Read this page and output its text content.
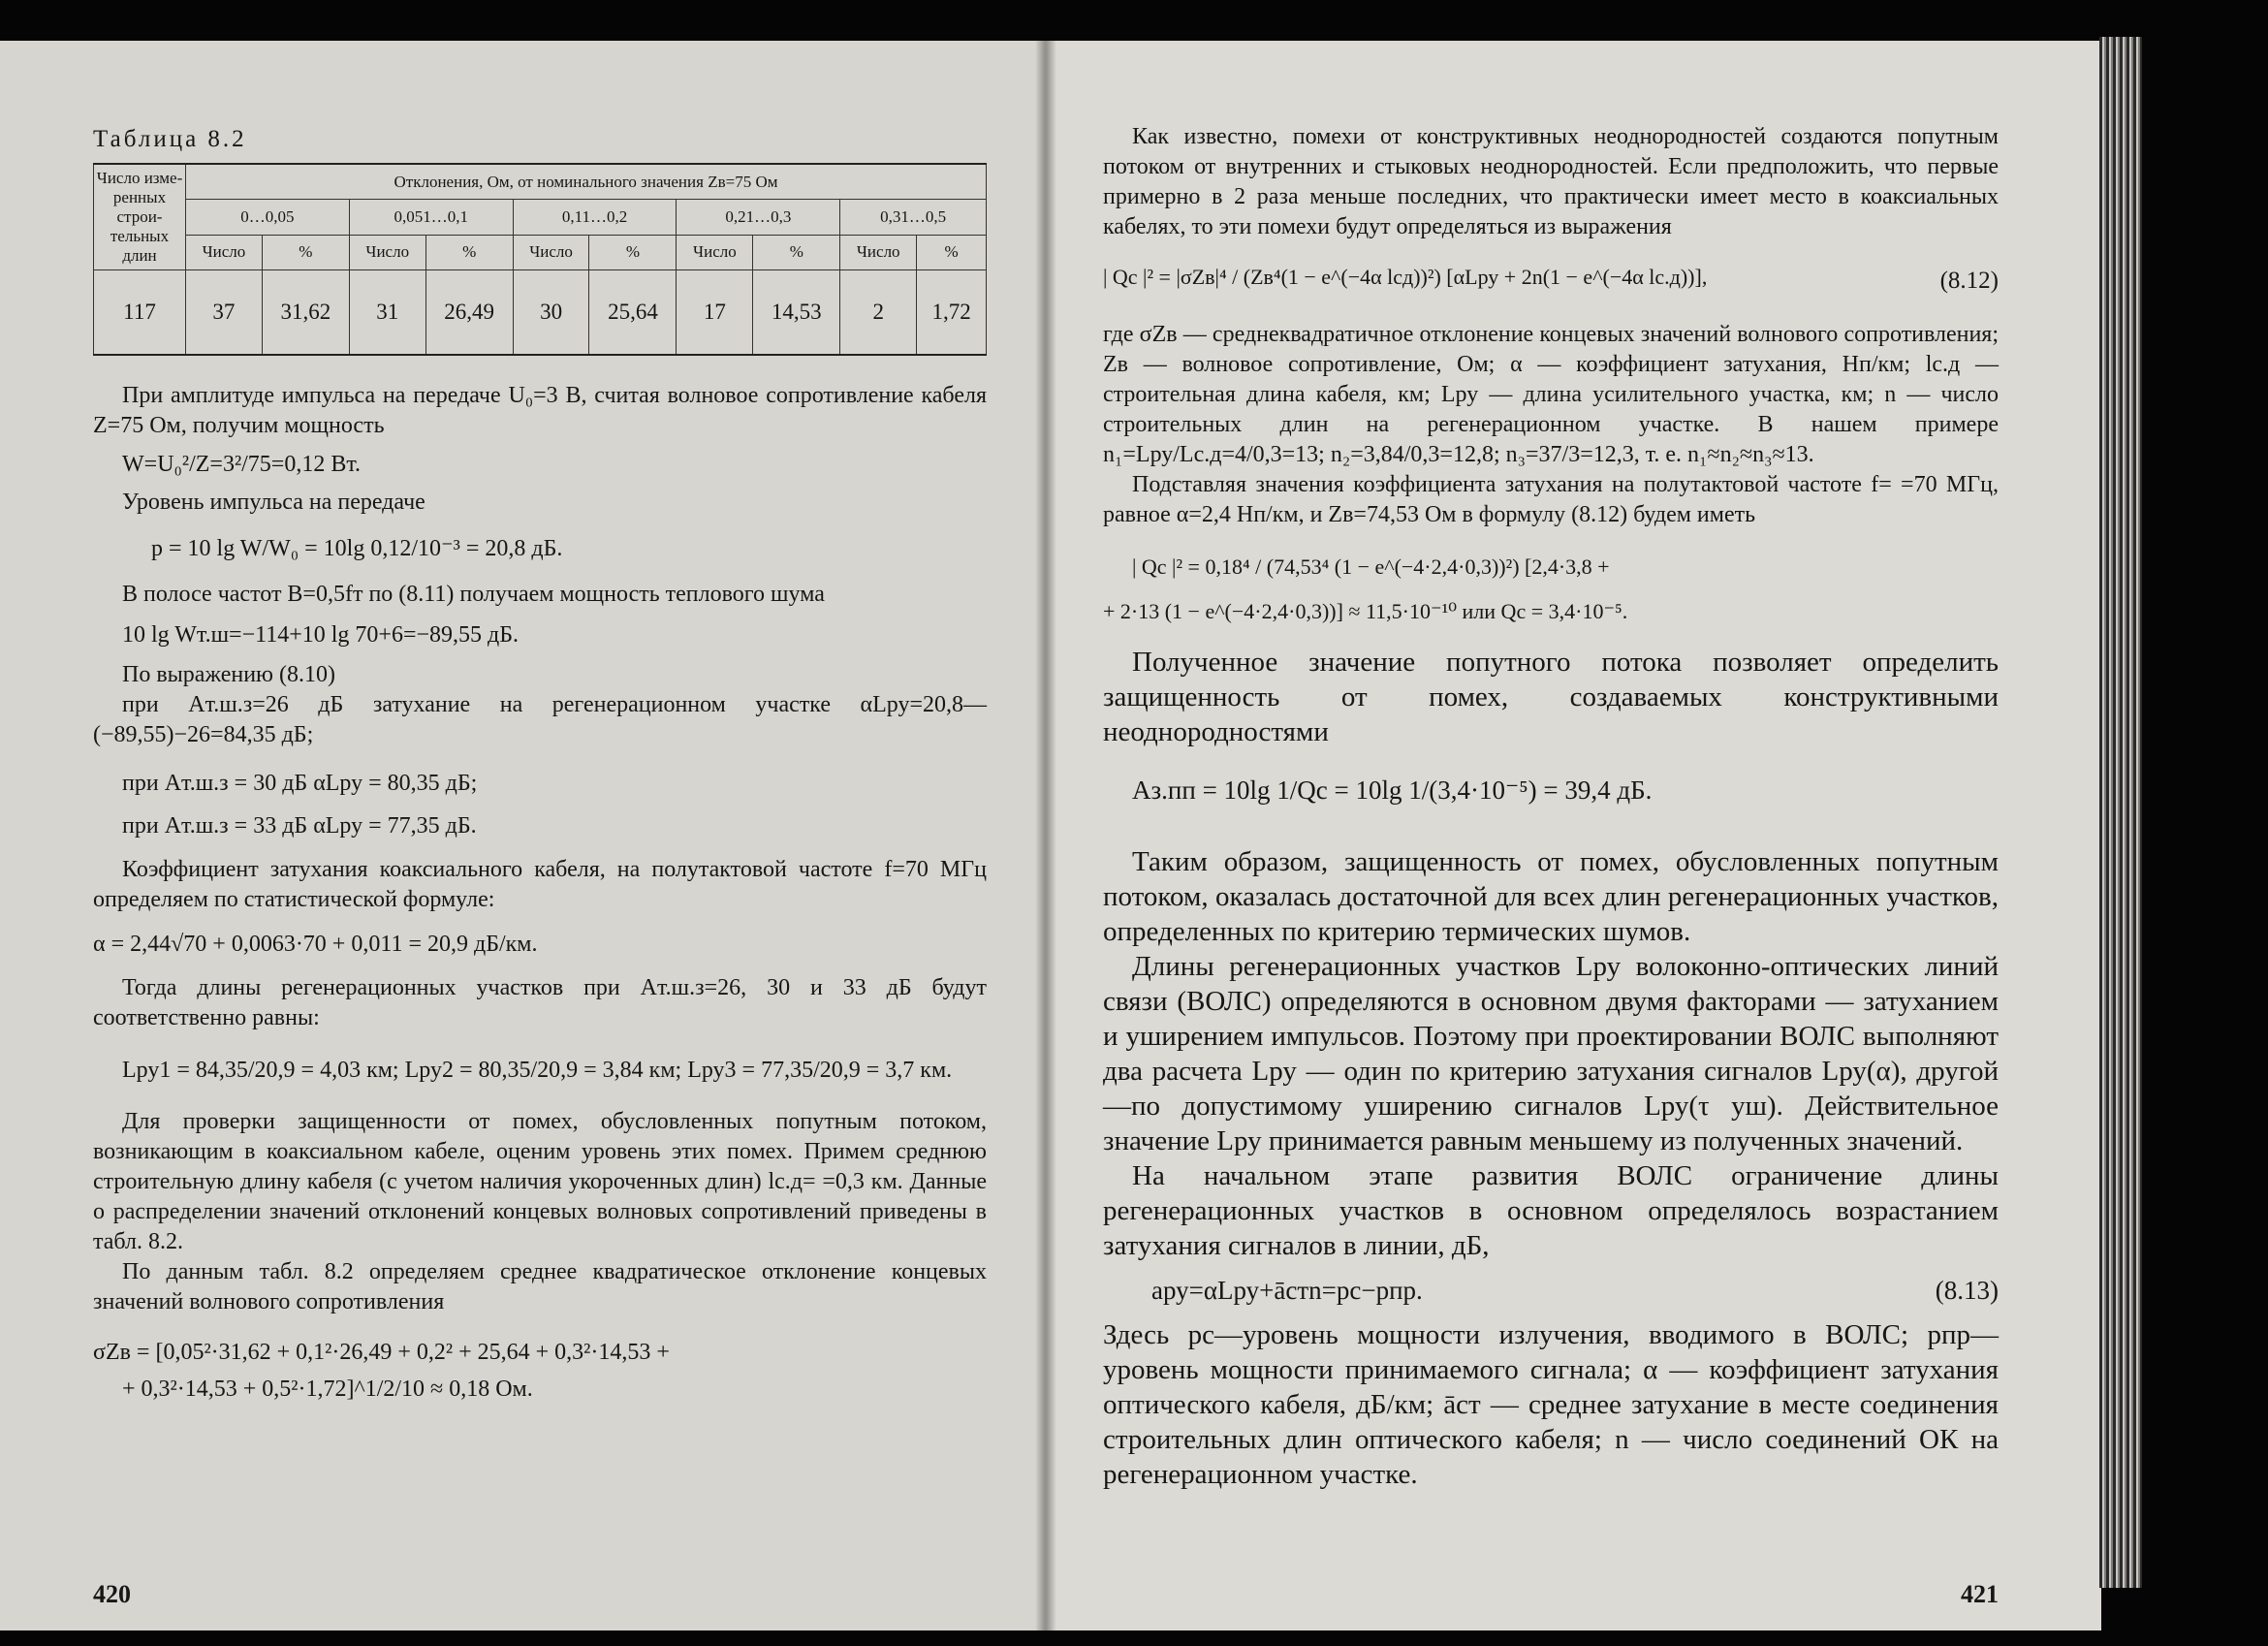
Таблица 8.2
Число изме-ренных строи-тельных длин	Отклонения, Ом, от номинального значения Zв=75 Ом									
	0…0,05		0,051…0,1		0,11…0,2		0,21…0,3		0,31…0,5	
	Число	%	Число	%	Число	%	Число	%	Число	%
117	37	31,62	31	26,49	30	25,64	17	14,53	2	1,72

При амплитуде импульса на передаче U₀=3 В, считая волновое сопротивление кабеля Z=75 Ом, получим мощность

W=U₀²/Z=3²/75=0,12 Вт.

Уровень импульса на передаче

p = 10 lg W/W₀ = 10lg 0,12/10⁻³ = 20,8 дБ.

В полосе частот B=0,5fт по (8.11) получаем мощность теплового шума

10 lg Wт.ш=−114+10 lg 70+6=−89,55 дБ.

По выражению (8.10)

при Aт.ш.з=26 дБ затухание на регенерационном участке αLру=20,8—(−89,55)−26=84,35 дБ;

при Aт.ш.з = 30 дБ αLру = 80,35 дБ;
при Aт.ш.з = 33 дБ αLру = 77,35 дБ.

Коэффициент затухания коаксиального кабеля, на полутактовой частоте f=70 МГц определяем по статистической формуле:

α = 2,44√70 + 0,0063·70 + 0,011 = 20,9 дБ/км.

Тогда длины регенерационных участков при Aт.ш.з=26, 30 и 33 дБ будут соответственно равны:

Lру1 = 84,35/20,9 = 4,03 км; Lру2 = 80,35/20,9 = 3,84 км; Lру3 = 77,35/20,9 = 3,7 км.

Для проверки защищенности от помех, обусловленных попутным потоком, возникающим в коаксиальном кабеле, оценим уровень этих помех. Примем среднюю строительную длину кабеля (с учетом наличия укороченных длин) lс.д= =0,3 км. Данные о распределении значений отклонений концевых волновых сопротивлений приведены в табл. 8.2.

По данным табл. 8.2 определяем среднее квадратическое отклонение концевых значений волнового сопротивления

σZв = [0,05²·31,62 + 0,1²·26,49 + 0,2² + 25,64 + 0,3²·14,53 +
+ 0,3²·14,53 + 0,5²·1,72]^1/2/10 ≈ 0,18 Ом.
420

Как известно, помехи от конструктивных неоднородностей создаются попутным потоком от внутренних и стыковых неоднородностей. Если предположить, что первые примерно в 2 раза меньше последних, что практически имеет место в коаксиальных кабелях, то эти помехи будут определяться из выражения

| Qс |² = |σZв|⁴ / (Zв⁴(1 − e^(−4α lсд))²) [αLру + 2n(1 − e^(−4α lс.д))],	(8.12)

где σZв — среднеквадратичное отклонение концевых значений волнового сопротивления; Zв — волновое сопротивление, Ом; α — коэффициент затухания, Нп/км; lс.д — строительная длина кабеля, км; Lру — длина усилительного участка, км; n — число строительных длин на регенерационном участке. В нашем примере n₁=Lру/Lс.д=4/0,3=13; n₂=3,84/0,3=12,8; n₃=37/3=12,3, т. е. n₁≈n₂≈n₃≈13.

Подставляя значения коэффициента затухания на полутактовой частоте f= =70 МГц, равное α=2,4 Нп/км, и Zв=74,53 Ом в формулу (8.12) будем иметь

| Qс |² = 0,18⁴ / (74,53⁴ (1 − e^(−4·2,4·0,3))²) [2,4·3,8 +
+ 2·13 (1 − e^(−4·2,4·0,3))] ≈ 11,5·10⁻¹⁰ или Qс = 3,4·10⁻⁵.

Полученное значение попутного потока позволяет определить защищенность от помех, создаваемых конструктивными неоднородностями

Aз.пп = 10lg 1/Qс = 10lg 1/(3,4·10⁻⁵) = 39,4 дБ.

Таким образом, защищенность от помех, обусловленных попутным потоком, оказалась достаточной для всех длин регенерационных участков, определенных по критерию термических шумов.

Длины регенерационных участков Lру волоконно-оптических линий связи (ВОЛС) определяются в основном двумя факторами — затуханием и уширением импульсов. Поэтому при проектировании ВОЛС выполняют два расчета Lру — один по критерию затухания сигналов Lру(α), другой—по допустимому уширению сигналов Lру(τ уш). Действительное значение Lру принимается равным меньшему из полученных значений.

На начальном этапе развития ВОЛС ограничение длины регенерационных участков в основном определялось возрастанием затухания сигналов в линии, дБ,

aру=αLру+āстn=pс−pпр.	(8.13)

Здесь pс—уровень мощности излучения, вводимого в ВОЛС; pпр—уровень мощности принимаемого сигнала; α — коэффициент затухания оптического кабеля, дБ/км; āст — среднее затухание в месте соединения строительных длин оптического кабеля; n — число соединений ОК на регенерационном участке.

421
